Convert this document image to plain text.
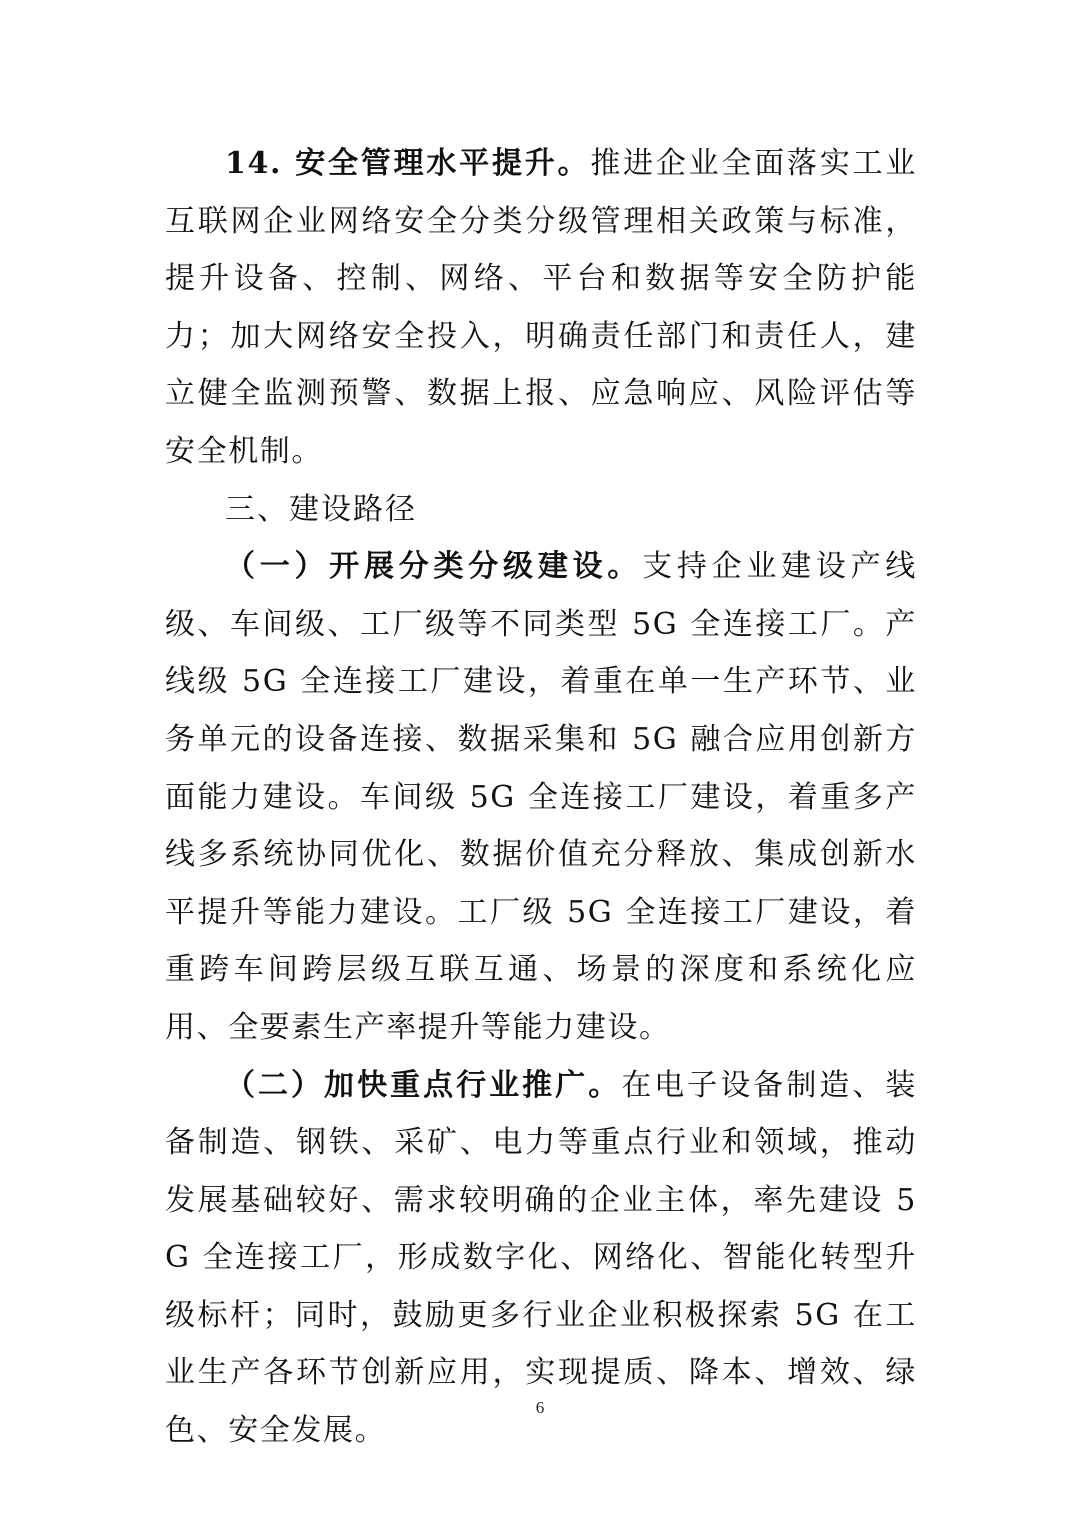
14. 安全管理水平提升。推进企业全面落实工业互联网企业网络安全分类分级管理相关政策与标准，提升设备、控制、网络、平台和数据等安全防护能力；加大网络安全投入，明确责任部门和责任人，建立健全监测预警、数据上报、应急响应、风险评估等安全机制。

三、建设路径

（一）开展分类分级建设。支持企业建设产线级、车间级、工厂级等不同类型 5G 全连接工厂。产线级 5G 全连接工厂建设，着重在单一生产环节、业务单元的设备连接、数据采集和 5G 融合应用创新方面能力建设。车间级 5G 全连接工厂建设，着重多产线多系统协同优化、数据价值充分释放、集成创新水平提升等能力建设。工厂级 5G 全连接工厂建设，着重跨车间跨层级互联互通、场景的深度和系统化应用、全要素生产率提升等能力建设。

（二）加快重点行业推广。在电子设备制造、装备制造、钢铁、采矿、电力等重点行业和领域，推动发展基础较好、需求较明确的企业主体，率先建设 5G 全连接工厂，形成数字化、网络化、智能化转型升级标杆；同时，鼓励更多行业企业积极探索 5G 在工业生产各环节创新应用，实现提质、降本、增效、绿色、安全发展。

6
